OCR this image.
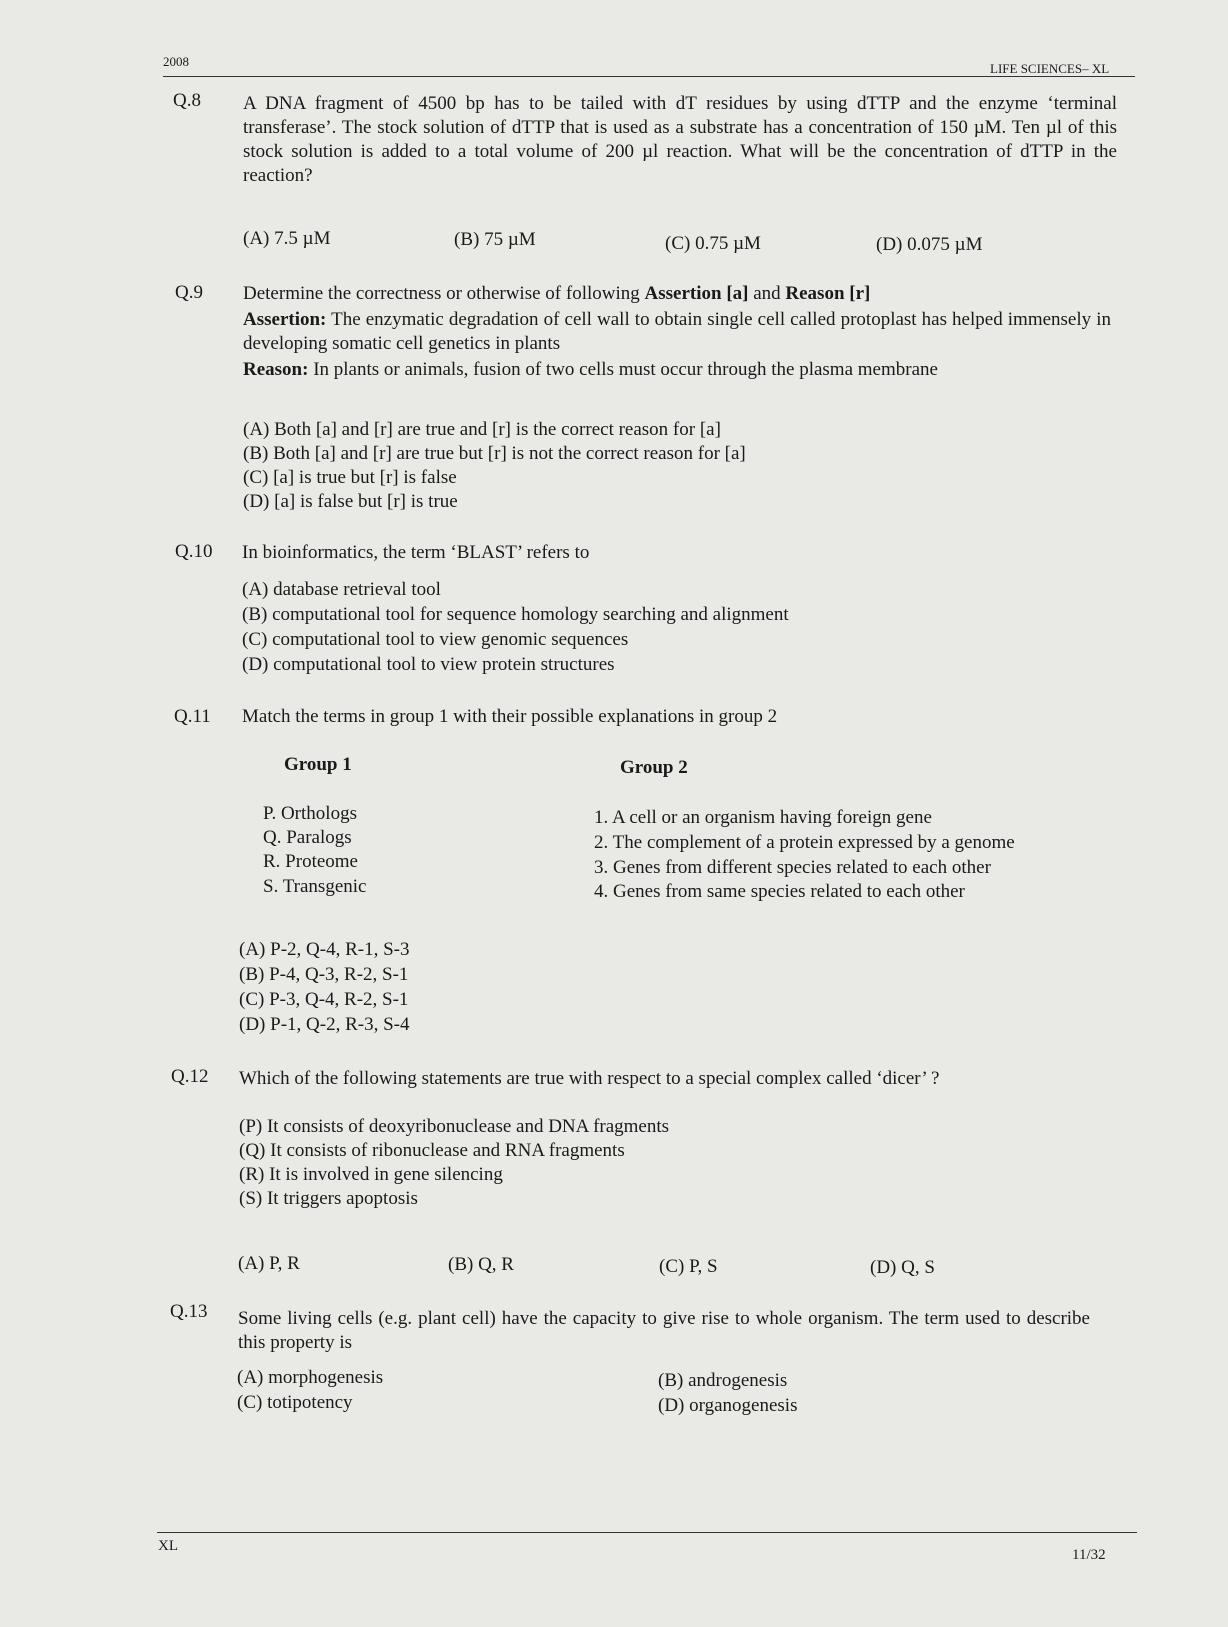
2008	LIFE SCIENCES– XL
Q.8 A DNA fragment of 4500 bp has to be tailed with dT residues by using dTTP and the enzyme ‘terminal transferase’. The stock solution of dTTP that is used as a substrate has a concentration of 150 µM. Ten µl of this stock solution is added to a total volume of 200 µl reaction. What will be the concentration of dTTP in the reaction?
(A) 7.5 µM	(B) 75 µM	(C) 0.75 µM	(D) 0.075 µM
Q.9 Determine the correctness or otherwise of following Assertion [a] and Reason [r]
Assertion: The enzymatic degradation of cell wall to obtain single cell called protoplast has helped immensely in developing somatic cell genetics in plants
Reason: In plants or animals, fusion of two cells must occur through the plasma membrane
(A) Both [a] and [r] are true and [r] is the correct reason for [a]
(B) Both [a] and [r] are true but [r] is not the correct reason for [a]
(C) [a] is true but [r] is false
(D) [a] is false but [r] is true
Q.10 In bioinformatics, the term ‘BLAST’ refers to
(A) database retrieval tool
(B) computational tool for sequence homology searching and alignment
(C) computational tool to view genomic sequences
(D) computational tool to view protein structures
Q.11 Match the terms in group 1 with their possible explanations in group 2
Group 1	Group 2
P. Orthologs
Q. Paralogs
R. Proteome
S. Transgenic
1. A cell or an organism having foreign gene
2. The complement of a protein expressed by a genome
3. Genes from different species related to each other
4. Genes from same species related to each other
(A) P-2, Q-4, R-1, S-3
(B) P-4, Q-3, R-2, S-1
(C) P-3, Q-4, R-2, S-1
(D) P-1, Q-2, R-3, S-4
Q.12 Which of the following statements are true with respect to a special complex called ‘dicer’ ?
(P) It consists of deoxyribonuclease and DNA fragments
(Q) It consists of ribonuclease and RNA fragments
(R) It is involved in gene silencing
(S) It triggers apoptosis
(A) P, R	(B) Q, R	(C) P, S	(D) Q, S
Q.13 Some living cells (e.g. plant cell) have the capacity to give rise to whole organism. The term used to describe this property is
(A) morphogenesis	(B) androgenesis
(C) totipotency	(D) organogenesis
XL
11/32
